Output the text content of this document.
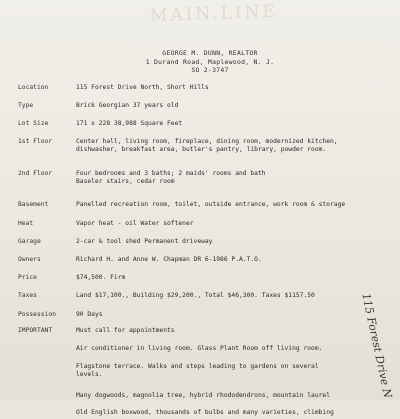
MAIN.LINE
GEORGE M. DUNN, REALTOR
1 Durand Road, Maplewood, N. J.
SO 2-3747
Location	115 Forest Drive North, Short Hills
Type	Brick Georgian 37 years old
Lot Size	171 x 228 38,988 Square Feet
1st Floor	Center hall, living room, fireplace, dining room, modernized kitchen,
dishwasher, breakfast area, butler's pantry, library, powder room.
2nd Floor	Four bedrooms and 3 baths; 2 maids' rooms and bath
Baseler stairs, cedar room
Basement	Panelled recreation room, toilet, outside entrance, work room & storage
Heat	Vapor heat - oil Water softener
Garage	2-car & tool shed Permanent driveway
Owners	Richard H. and Anne W. Chapman DR 6-1986 P.A.T.O.
Price	$74,500. Firm
Taxes	Land $17,100., Building $29,200., Total $46,300. Taxes $1157.50
Possession	90 Days
IMPORTANT	Must call for appointments
Air conditioner in living room. Glass Plant Room off living room.
Flagstone terrace. Walks and steps leading to gardens on several
levels.
Many dogwoods, magnolia tree, hybrid rhododendrons, mountain laurel
Old English boxwood, thousands of bulbs and many varieties, climbing
115 Forest Drive N
